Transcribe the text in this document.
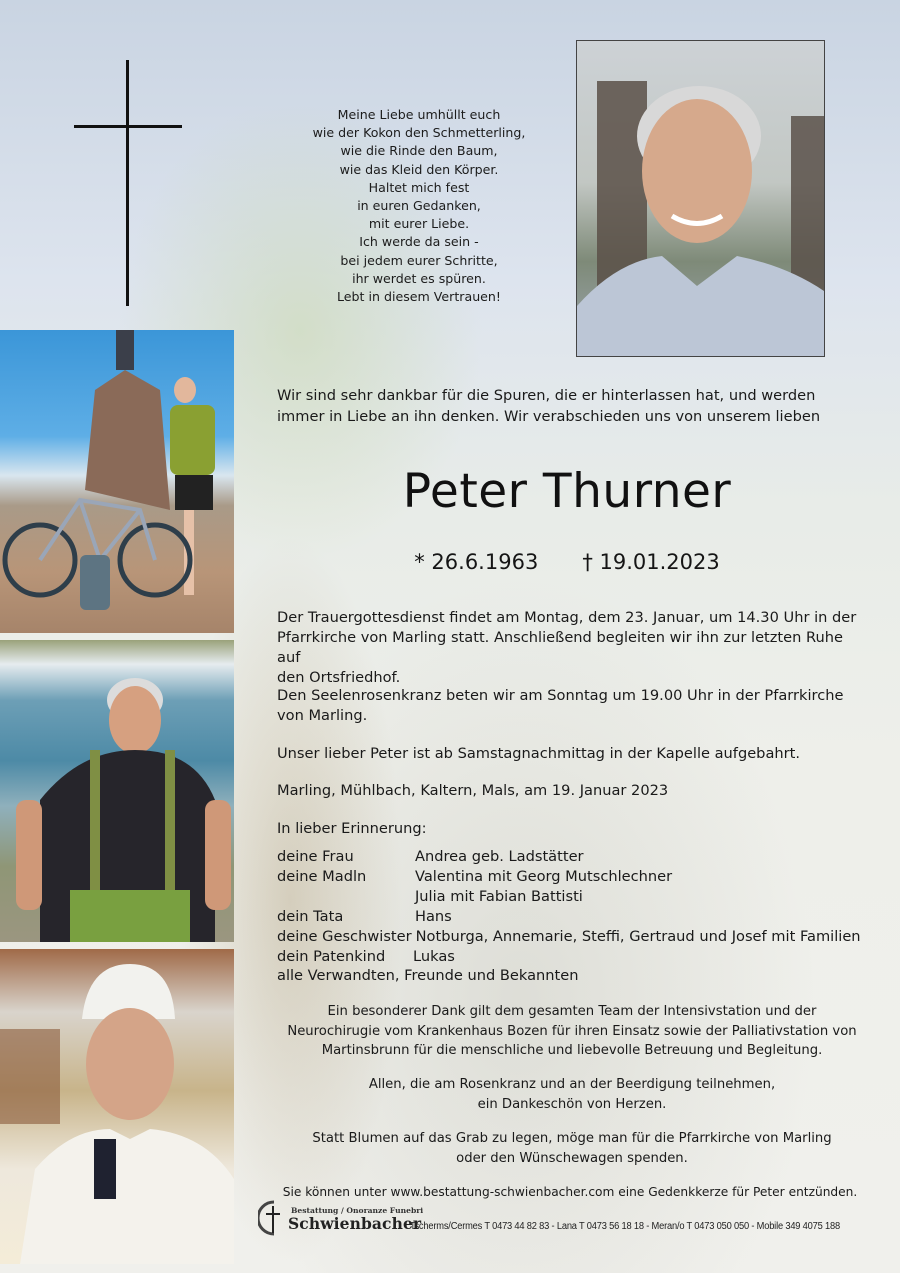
Meine Liebe umhüllt euch
wie der Kokon den Schmetterling,
wie die Rinde den Baum,
wie das Kleid den Körper.
Haltet mich fest
in euren Gedanken,
mit eurer Liebe.
Ich werde da sein -
bei jedem eurer Schritte,
ihr werdet es spüren.
Lebt in diesem Vertrauen!
Wir sind sehr dankbar für die Spuren, die er hinterlassen hat, und werden
immer in Liebe an ihn denken. Wir verabschieden uns von unserem lieben
Peter Thurner
* 26.6.1963 † 19.01.2023
Der Trauergottesdienst findet am Montag, dem 23. Januar, um 14.30 Uhr in der
Pfarrkirche von Marling statt. Anschließend begleiten wir ihn zur letzten Ruhe auf
den Ortsfriedhof.
Den Seelenrosenkranz beten wir am Sonntag um 19.00 Uhr in der Pfarrkirche
von Marling.
Unser lieber Peter ist ab Samstagnachmittag in der Kapelle aufgebahrt.
Marling, Mühlbach, Kaltern, Mals, am 19. Januar 2023
In lieber Erinnerung:
deine Frau	Andrea geb. Ladstätter
deine Madln	Valentina mit Georg Mutschlechner
Julia mit Fabian Battisti
dein Tata	Hans
deine Geschwister Notburga, Annemarie, Steffi, Gertraud und Josef mit Familien
dein Patenkind	Lukas
alle Verwandten, Freunde und Bekannten
Ein besonderer Dank gilt dem gesamten Team der Intensivstation und der
Neurochirugie vom Krankenhaus Bozen für ihren Einsatz sowie der Palliativstation von
Martinsbrunn für die menschliche und liebevolle Betreuung und Begleitung.
Allen, die am Rosenkranz und an der Beerdigung teilnehmen,
ein Dankeschön von Herzen.
Statt Blumen auf das Grab zu legen, möge man für die Pfarrkirche von Marling
oder den Wünschewagen spenden.
Sie können unter www.bestattung-schwienbacher.com eine Gedenkkerze für Peter entzünden.
Bestattung / Onoranze Funebri
Schwienbacher
Tscherms/Cermes T 0473 44 82 83 - Lana T 0473 56 18 18 - Meran/o T 0473 050 050 - Mobile 349 4075 188
